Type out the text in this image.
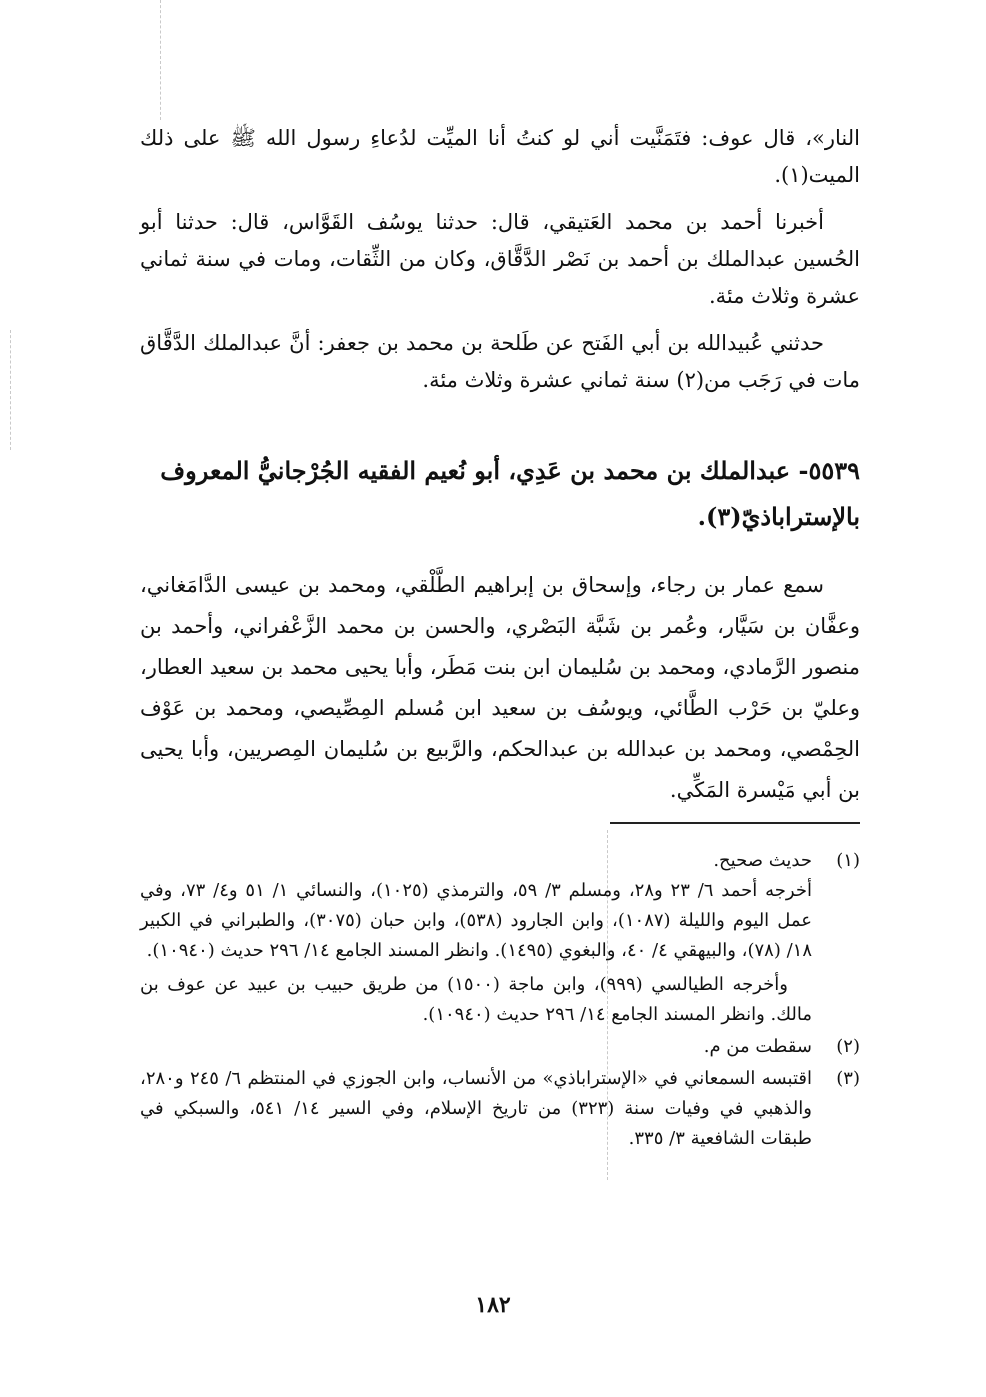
النار»، قال عوف: فتَمَنَّيت أني لو كنتُ أنا الميِّت لدُعاءِ رسول الله ﷺ على ذلك الميت(١).

أخبرنا أحمد بن محمد العَتيقي، قال: حدثنا يوسُف القَوَّاس، قال: حدثنا أبو الحُسين عبدالملك بن أحمد بن نَصْر الدَّقَّاق، وكان من الثِّقات، ومات في سنة ثماني عشرة وثلاث مئة.

حدثني عُبيدالله بن أبي الفَتح عن طَلحة بن محمد بن جعفر: أنَّ عبدالملك الدَّقَّاق مات في رَجَب من(٢) سنة ثماني عشرة وثلاث مئة.

٥٥٣٩- عبدالملك بن محمد بن عَدِي، أبو نُعيم الفقيه الجُرْجانيُّ المعروف بالإستراباذيّ(٣).

سمع عمار بن رجاء، وإسحاق بن إبراهيم الطَّلْقي، ومحمد بن عيسى الدَّامَغاني، وعفَّان بن سَيَّار، وعُمر بن شَبَّة البَصْري، والحسن بن محمد الزَّعْفراني، وأحمد بن منصور الرَّمادي، ومحمد بن سُليمان ابن بنت مَطَر، وأبا يحيى محمد بن سعيد العطار، وعليّ بن حَرْب الطَّائي، ويوسُف بن سعيد ابن مُسلم المِصِّيصي، ومحمد بن عَوْف الحِمْصي، ومحمد بن عبدالله بن عبدالحكم، والرَّبيع بن سُليمان المِصريين، وأبا يحيى بن أبي مَيْسرة المَكِّي.

(١)
حديث صحيح.
أخرجه أحمد ٦/ ٢٣ و٢٨، ومسلم ٣/ ٥٩، والترمذي (١٠٢٥)، والنسائي ١/ ٥١ و٤/ ٧٣، وفي عمل اليوم والليلة (١٠٨٧)، وابن الجارود (٥٣٨)، وابن حبان (٣٠٧٥)، والطبراني في الكبير ١٨/ (٧٨)، والبيهقي ٤/ ٤٠، والبغوي (١٤٩٥). وانظر المسند الجامع ١٤/ ٢٩٦ حديث (١٠٩٤٠).
وأخرجه الطيالسي (٩٩٩)، وابن ماجة (١٥٠٠) من طريق حبيب بن عبيد عن عوف بن مالك. وانظر المسند الجامع ١٤/ ٢٩٦ حديث (١٠٩٤٠).
(٢)
سقطت من م.
(٣)
اقتبسه السمعاني في «الإستراباذي» من الأنساب، وابن الجوزي في المنتظم ٦/ ٢٤٥ و٢٨٠، والذهبي في وفيات سنة (٣٢٣) من تاريخ الإسلام، وفي السير ١٤/ ٥٤١، والسبكي في طبقات الشافعية ٣/ ٣٣٥.
١٨٢
